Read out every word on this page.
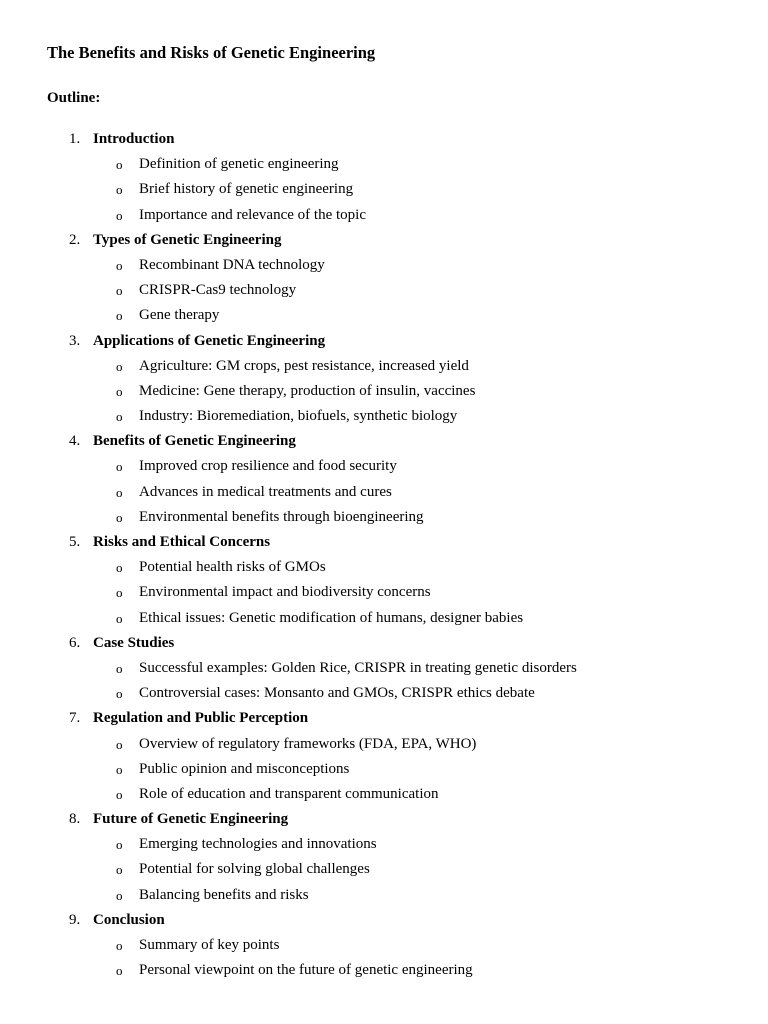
The Benefits and Risks of Genetic Engineering
Outline:
1. Introduction
o Definition of genetic engineering
o Brief history of genetic engineering
o Importance and relevance of the topic
2. Types of Genetic Engineering
o Recombinant DNA technology
o CRISPR-Cas9 technology
o Gene therapy
3. Applications of Genetic Engineering
o Agriculture: GM crops, pest resistance, increased yield
o Medicine: Gene therapy, production of insulin, vaccines
o Industry: Bioremediation, biofuels, synthetic biology
4. Benefits of Genetic Engineering
o Improved crop resilience and food security
o Advances in medical treatments and cures
o Environmental benefits through bioengineering
5. Risks and Ethical Concerns
o Potential health risks of GMOs
o Environmental impact and biodiversity concerns
o Ethical issues: Genetic modification of humans, designer babies
6. Case Studies
o Successful examples: Golden Rice, CRISPR in treating genetic disorders
o Controversial cases: Monsanto and GMOs, CRISPR ethics debate
7. Regulation and Public Perception
o Overview of regulatory frameworks (FDA, EPA, WHO)
o Public opinion and misconceptions
o Role of education and transparent communication
8. Future of Genetic Engineering
o Emerging technologies and innovations
o Potential for solving global challenges
o Balancing benefits and risks
9. Conclusion
o Summary of key points
o Personal viewpoint on the future of genetic engineering
